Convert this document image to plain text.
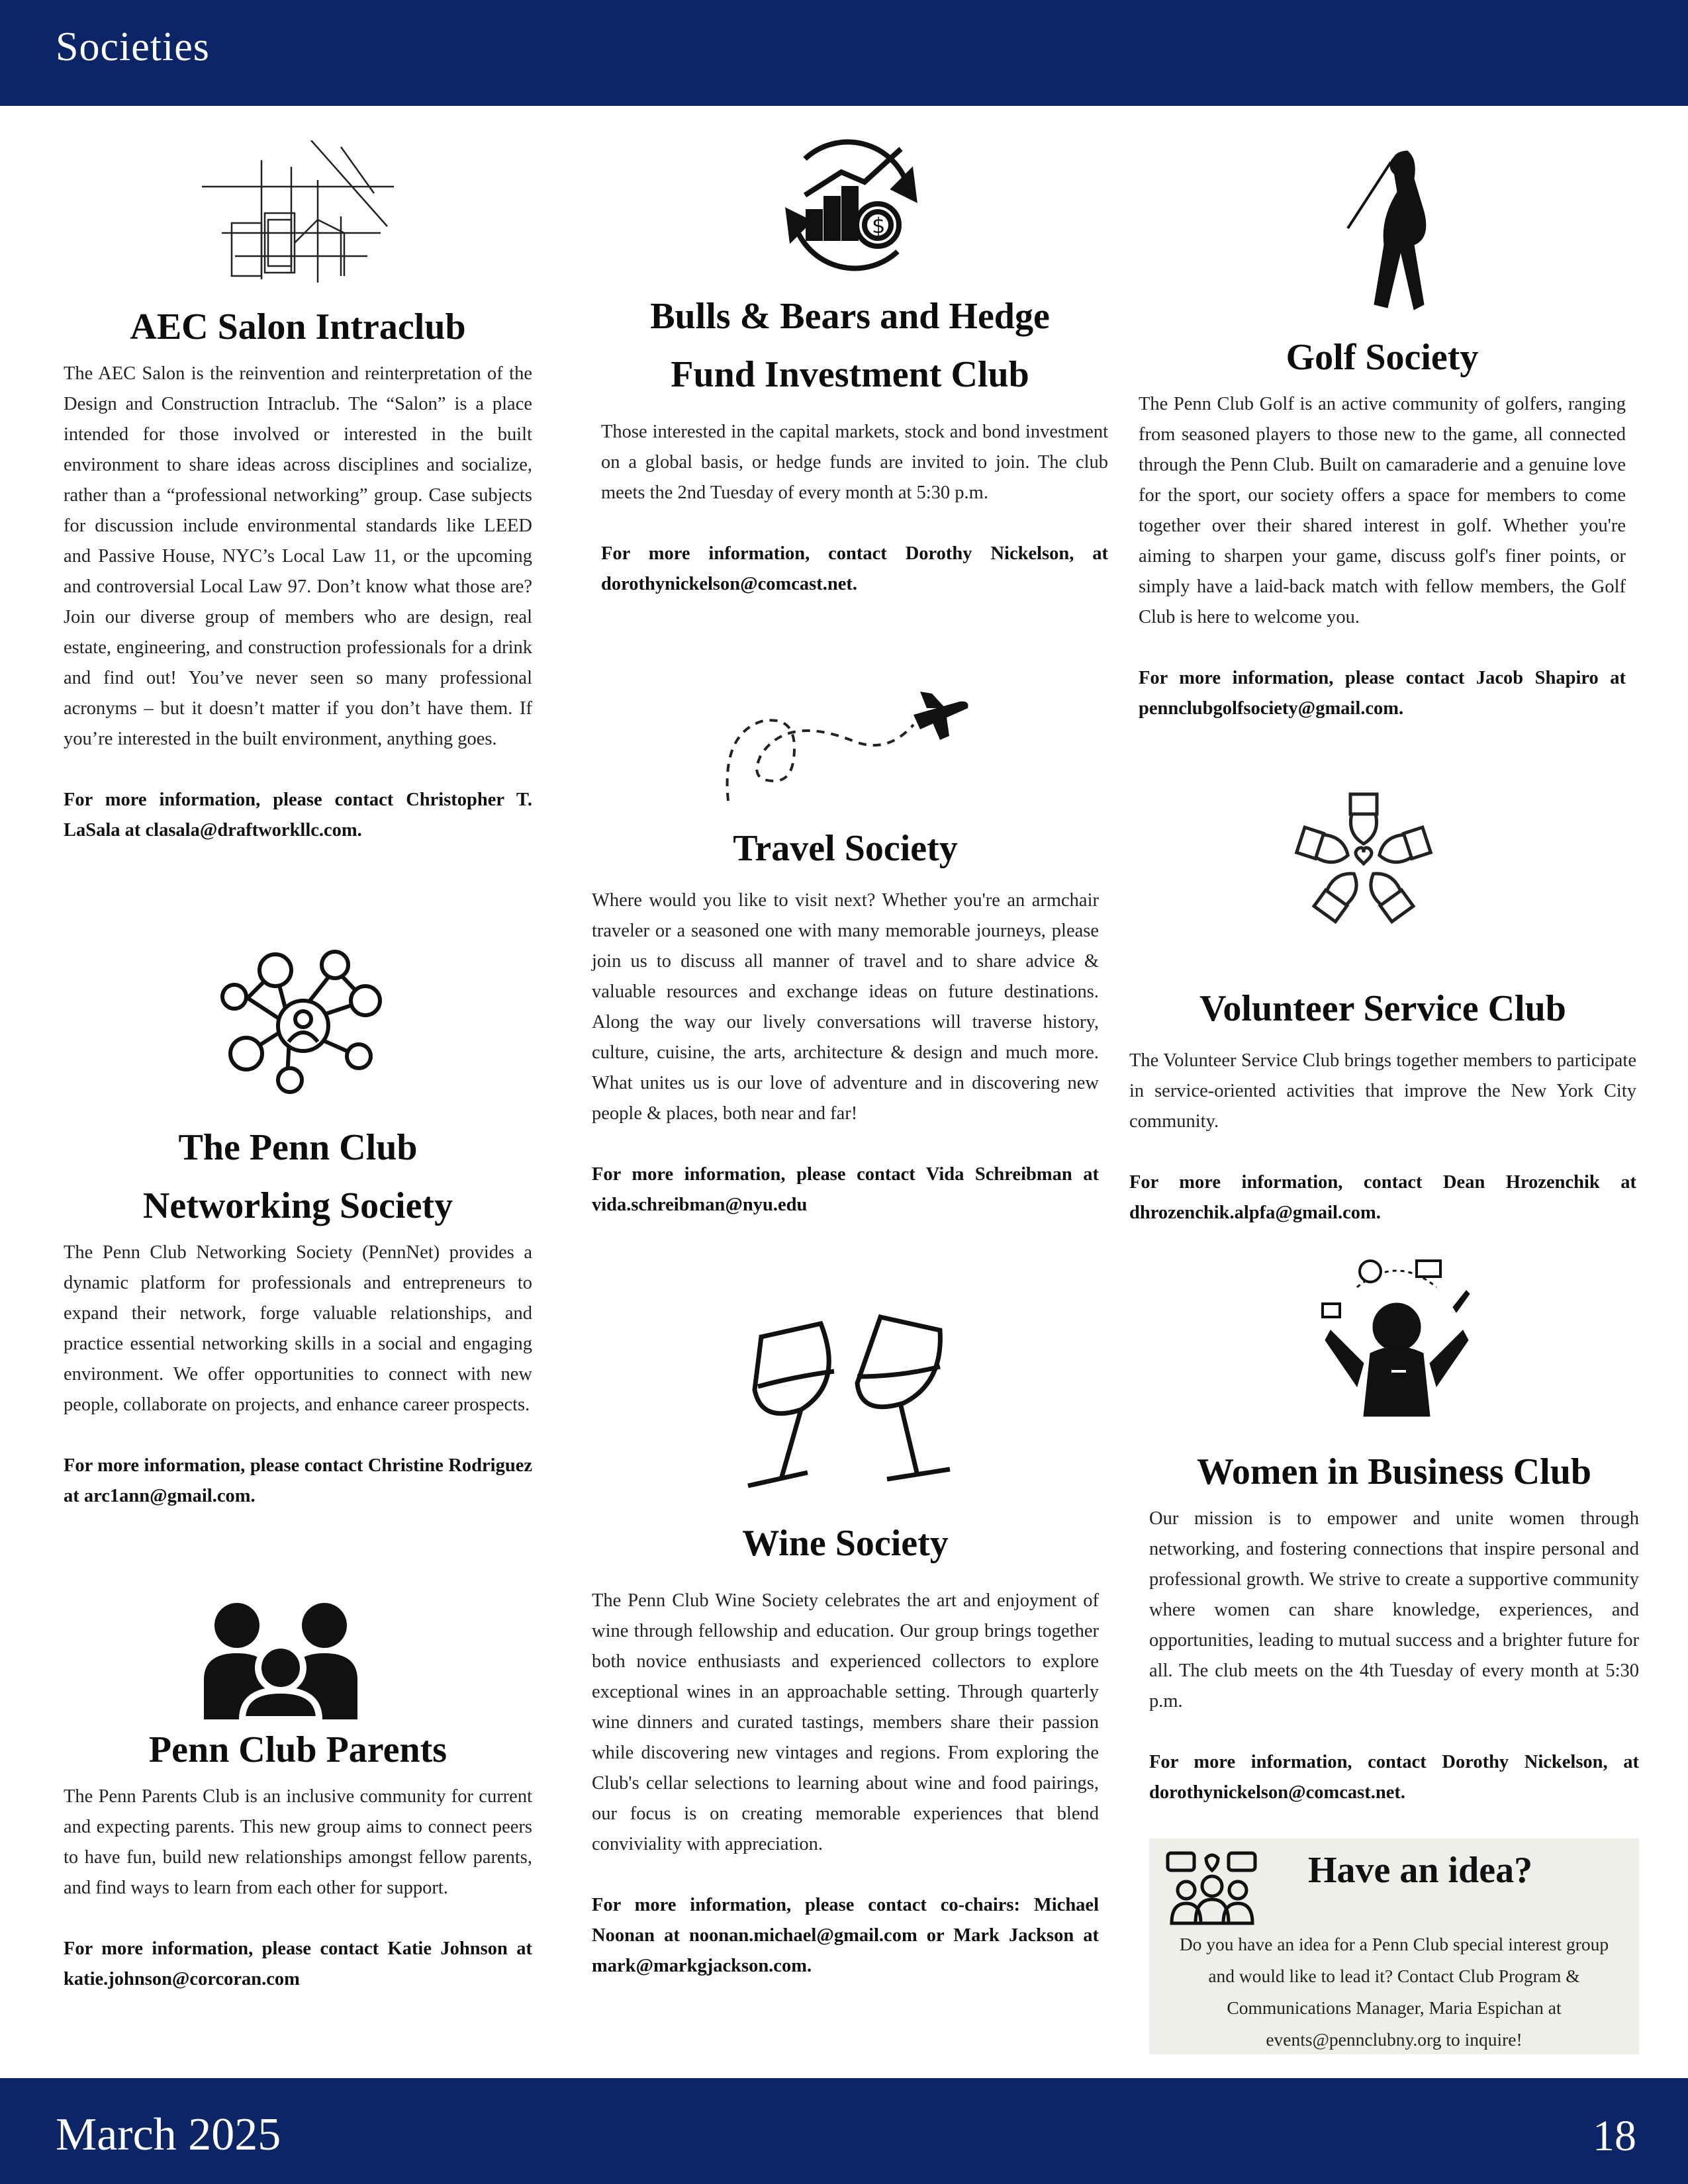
Societies
AEC Salon Intraclub

The AEC Salon is the reinvention and reinterpretation of the Design and Construction Intraclub. The “Salon” is a place intended for those involved or interested in the built environment to share ideas across disciplines and socialize, rather than a “professional networking” group. Case subjects for discussion include environmental standards like LEED and Passive House, NYC’s Local Law 11, or the upcoming and controversial Local Law 97. Don’t know what those are? Join our diverse group of members who are design, real estate, engineering, and construction professionals for a drink and find out! You’ve never seen so many professional acronyms – but it doesn’t matter if you don’t have them. If you’re interested in the built environment, anything goes.

For more information, please contact Christopher T. LaSala at clasala@draftworkllc.com.

The Penn Club
Networking Society

The Penn Club Networking Society (PennNet) provides a dynamic platform for professionals and entrepreneurs to expand their network, forge valuable relationships, and practice essential networking skills in a social and engaging environment. We offer opportunities to connect with new people, collaborate on projects, and enhance career prospects.

For more information, please contact Christine Rodriguez at arc1ann@gmail.com.

Penn Club Parents

The Penn Parents Club is an inclusive community for current and expecting parents. This new group aims to connect peers to have fun, build new relationships amongst fellow parents, and find ways to learn from each other for support.

For more information, please contact Katie Johnson at katie.johnson@corcoran.com

$
Bulls & Bears and Hedge
Fund Investment Club

Those interested in the capital markets, stock and bond investment on a global basis, or hedge funds are invited to join. The club meets the 2nd Tuesday of every month at 5:30 p.m.

For more information, contact Dorothy Nickelson, at dorothynickelson@comcast.net.

Travel Society

Where would you like to visit next? Whether you're an armchair traveler or a seasoned one with many memorable journeys, please join us to discuss all manner of travel and to share advice & valuable resources and exchange ideas on future destinations. Along the way our lively conversations will traverse history, culture, cuisine, the arts, architecture & design and much more. What unites us is our love of adventure and in discovering new people & places, both near and far!

For more information, please contact Vida Schreibman at vida.schreibman@nyu.edu

Wine Society

The Penn Club Wine Society celebrates the art and enjoyment of wine through fellowship and education. Our group brings together both novice enthusiasts and experienced collectors to explore exceptional wines in an approachable setting. Through quarterly wine dinners and curated tastings, members share their passion while discovering new vintages and regions. From exploring the Club's cellar selections to learning about wine and food pairings, our focus is on creating memorable experiences that blend conviviality with appreciation.

For more information, please contact co-chairs: Michael Noonan at noonan.michael@gmail.com or Mark Jackson at mark@markgjackson.com.

Golf Society

The Penn Club Golf is an active community of golfers, ranging from seasoned players to those new to the game, all connected through the Penn Club. Built on camaraderie and a genuine love for the sport, our society offers a space for members to come together over their shared interest in golf. Whether you're aiming to sharpen your game, discuss golf's finer points, or simply have a laid-back match with fellow members, the Golf Club is here to welcome you.

For more information, please contact Jacob Shapiro at pennclubgolfsociety@gmail.com.

Volunteer Service Club

The Volunteer Service Club brings together members to participate in service-oriented activities that improve the New York City community.

For more information, contact Dean Hrozenchik at dhrozenchik.alpfa@gmail.com.

Women in Business Club

Our mission is to empower and unite women through networking, and fostering connections that inspire personal and professional growth. We strive to create a supportive community where women can share knowledge, experiences, and opportunities, leading to mutual success and a brighter future for all. The club meets on the 4th Tuesday of every month at 5:30 p.m.

For more information, contact Dorothy Nickelson, at dorothynickelson@comcast.net.

Have an idea?

Do you have an idea for a Penn Club special interest group and would like to lead it? Contact Club Program & Communications Manager, Maria Espichan at events@pennclubny.org to inquire!

March 2025	18
